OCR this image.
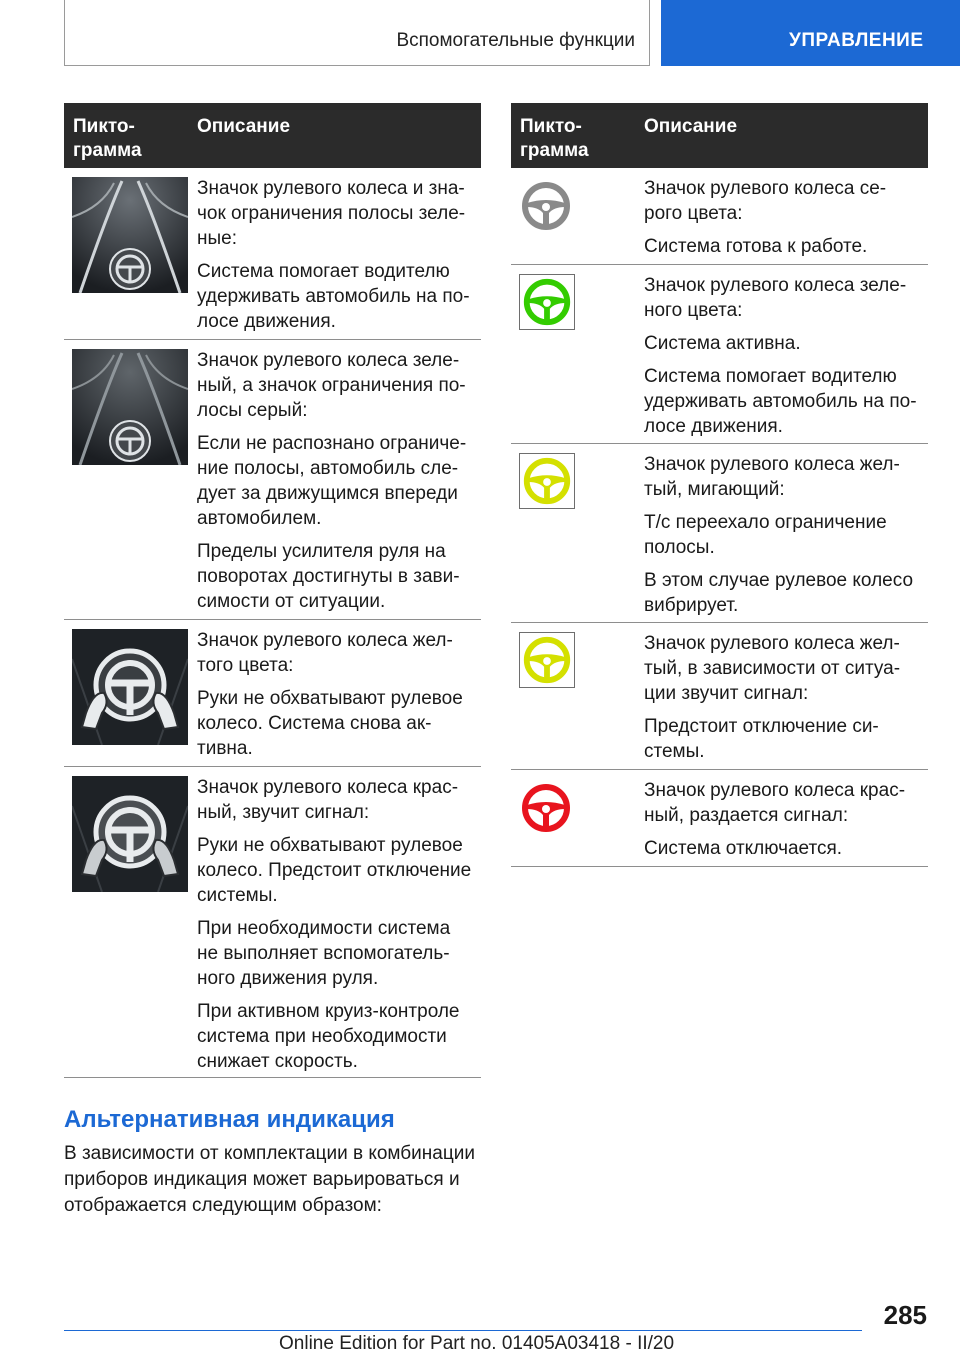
Вспомогательные функции	УПРАВЛЕНИЕ
Пикто-
грамма
Описание

Значок рулевого колеса и зна-
чок ограничения полосы зеле-
ные:

Система помогает водителю
удерживать автомобиль на по-
лосе движения.

Значок рулевого колеса зеле-
ный, а значок ограничения по-
лосы серый:

Если не распознано ограниче-
ние полосы, автомобиль сле-
дует за движущимся впереди
автомобилем.

Пределы усилителя руля на
поворотах достигнуты в зави-
симости от ситуации.

Значок рулевого колеса жел-
того цвета:

Руки не обхватывают рулевое
колесо. Система снова ак-
тивна.

Значок рулевого колеса крас-
ный, звучит сигнал:

Руки не обхватывают рулевое
колесо. Предстоит отключение
системы.

При необходимости система
не выполняет вспомогатель-
ного движения руля.

При активном круиз-контроле
система при необходимости
снижает скорость.

Пикто-
грамма
Описание

Значок рулевого колеса се-
рого цвета:

Система готова к работе.

Значок рулевого колеса зеле-
ного цвета:

Система активна.

Система помогает водителю
удерживать автомобиль на по-
лосе движения.

Значок рулевого колеса жел-
тый, мигающий:

Т/с переехало ограничение
полосы.

В этом случае рулевое колесо
вибрирует.

Значок рулевого колеса жел-
тый, в зависимости от ситуа-
ции звучит сигнал:

Предстоит отключение си-
стемы.

Значок рулевого колеса крас-
ный, раздается сигнал:

Система отключается.

Альтернативная индикация
В зависимости от комплектации в комбинации
приборов индикация может варьироваться и
отображается следующим образом:
285
Online Edition for Part no. 01405A03418 - II/20
